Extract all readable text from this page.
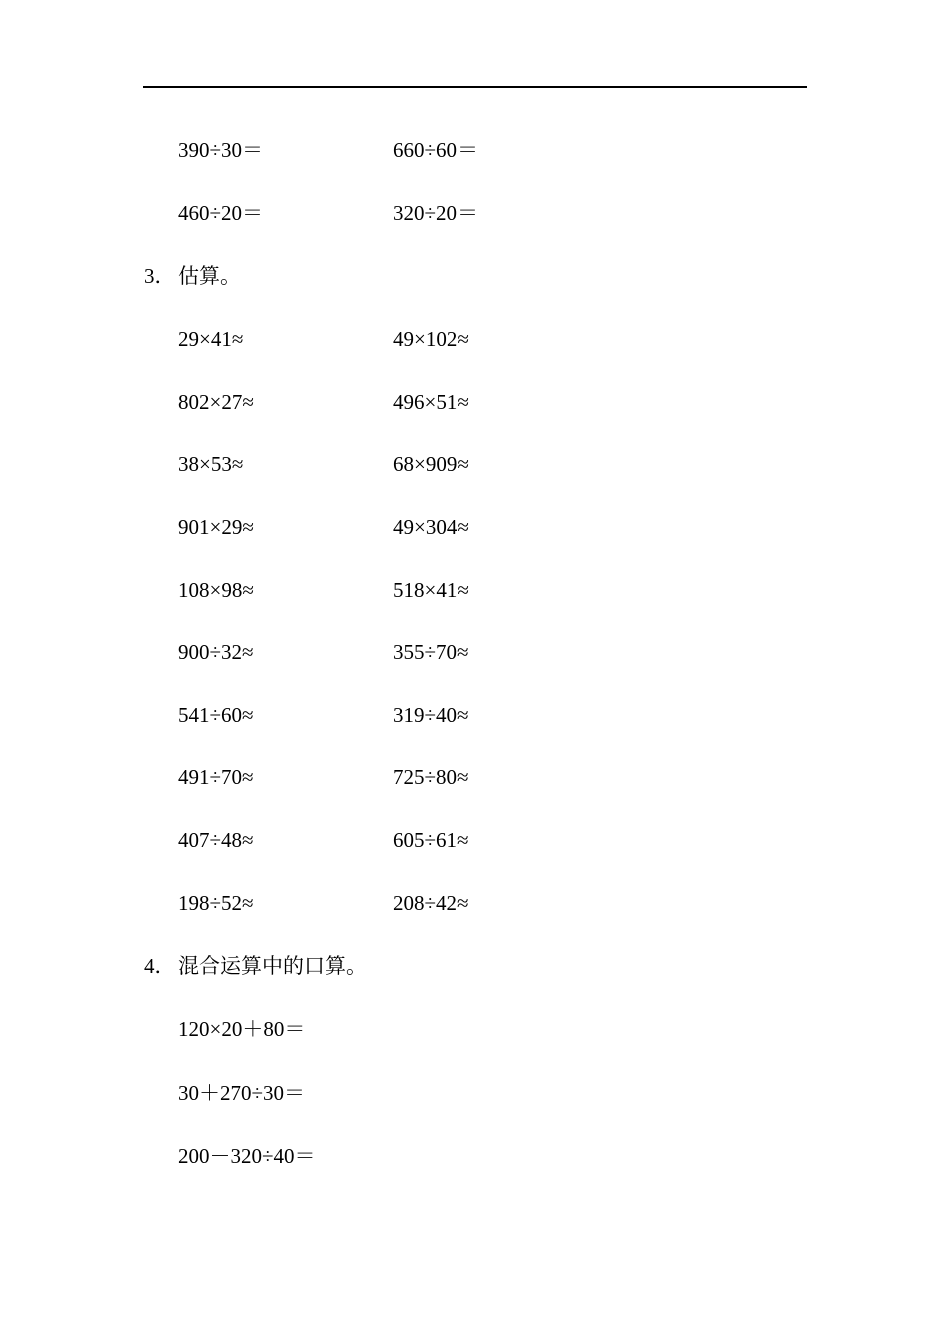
390÷30＝	660÷60＝
460÷20＝	320÷20＝
3． 估算。
29×41≈	49×102≈
802×27≈	496×51≈
38×53≈	68×909≈
901×29≈	49×304≈
108×98≈	518×41≈
900÷32≈	355÷70≈
541÷60≈	319÷40≈
491÷70≈	725÷80≈
407÷48≈	605÷61≈
198÷52≈	208÷42≈
4． 混合运算中的口算。
120×20＋80＝
30＋270÷30＝
200－320÷40＝
